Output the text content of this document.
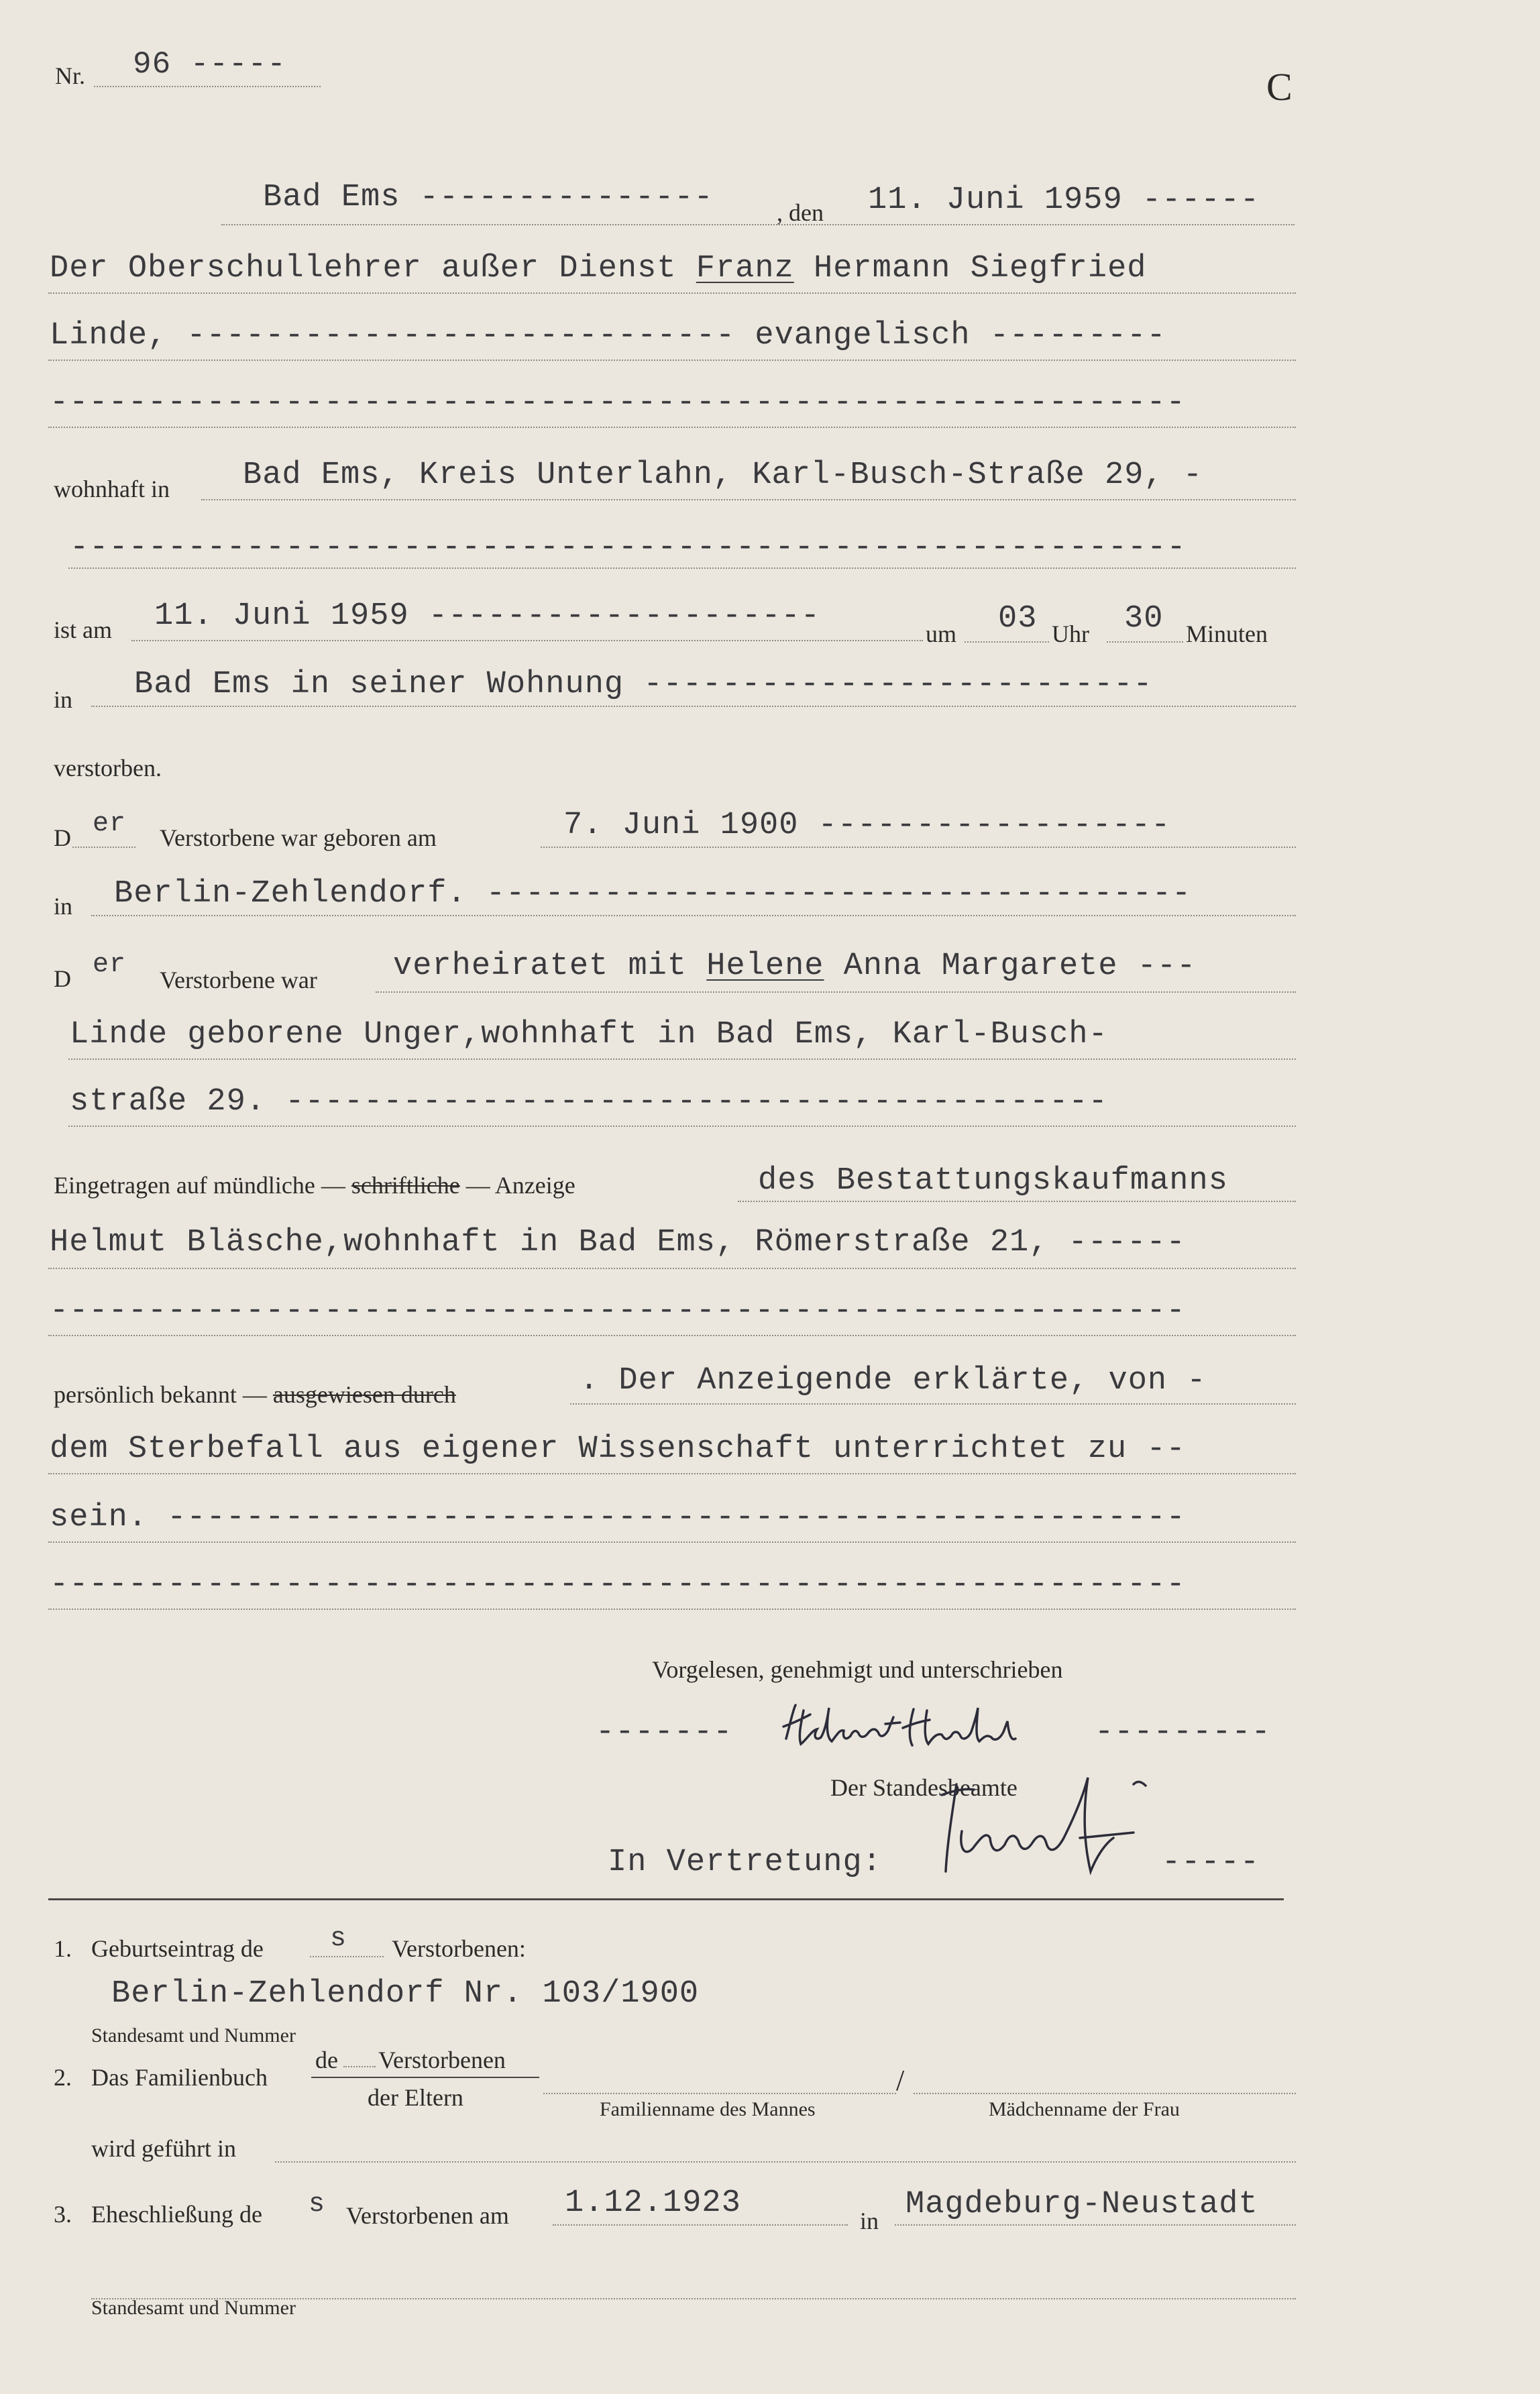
Nr. 96 -----
C
Bad Ems ---------------	, den 11. Juni 1959 ------
Der Oberschullehrer außer Dienst Franz Hermann Siegfried
Linde, ---------------------------- evangelisch ---------
----------------------------------------------------------
wohnhaft in Bad Ems, Kreis Unterlahn, Karl-Busch-Straße 29, -
---------------------------------------------------------
ist am 11. Juni 1959 --------------------	um 03 Uhr 30 Minuten
in Bad Ems in seiner Wohnung --------------------------
verstorben.
D er Verstorbene war geboren am	7. Juni 1900 ------------------
in Berlin-Zehlendorf. ------------------------------------
D er Verstorbene war verheiratet mit Helene Anna Margarete ---
Linde geborene Unger,wohnhaft in Bad Ems, Karl-Busch-
straße 29. ------------------------------------------
Eingetragen auf mündliche — schriftliche — Anzeige	des Bestattungskaufmanns
Helmut Bläsche,wohnhaft in Bad Ems, Römerstraße 21, ------
----------------------------------------------------------
persönlich bekannt — ausgewiesen durch	. Der Anzeigende erklärte, von -
dem Sterbefall aus eigener Wissenschaft unterrichtet zu --
sein. ----------------------------------------------------
----------------------------------------------------------
Vorgelesen, genehmigt und unterschrieben
-------	---------
Der Standesbeamte
In Vertretung:	-----
1. Geburtseintrag de s Verstorbenen:
Berlin-Zehlendorf Nr. 103/1900
Standesamt und Nummer
2. Das Familienbuch
de Verstorbenen
der Eltern
/
Familienname des Mannes	Mädchenname der Frau
wird geführt in
3. Eheschließung de s Verstorbenen am 1.12.1923	in Magdeburg-Neustadt
Standesamt und Nummer
